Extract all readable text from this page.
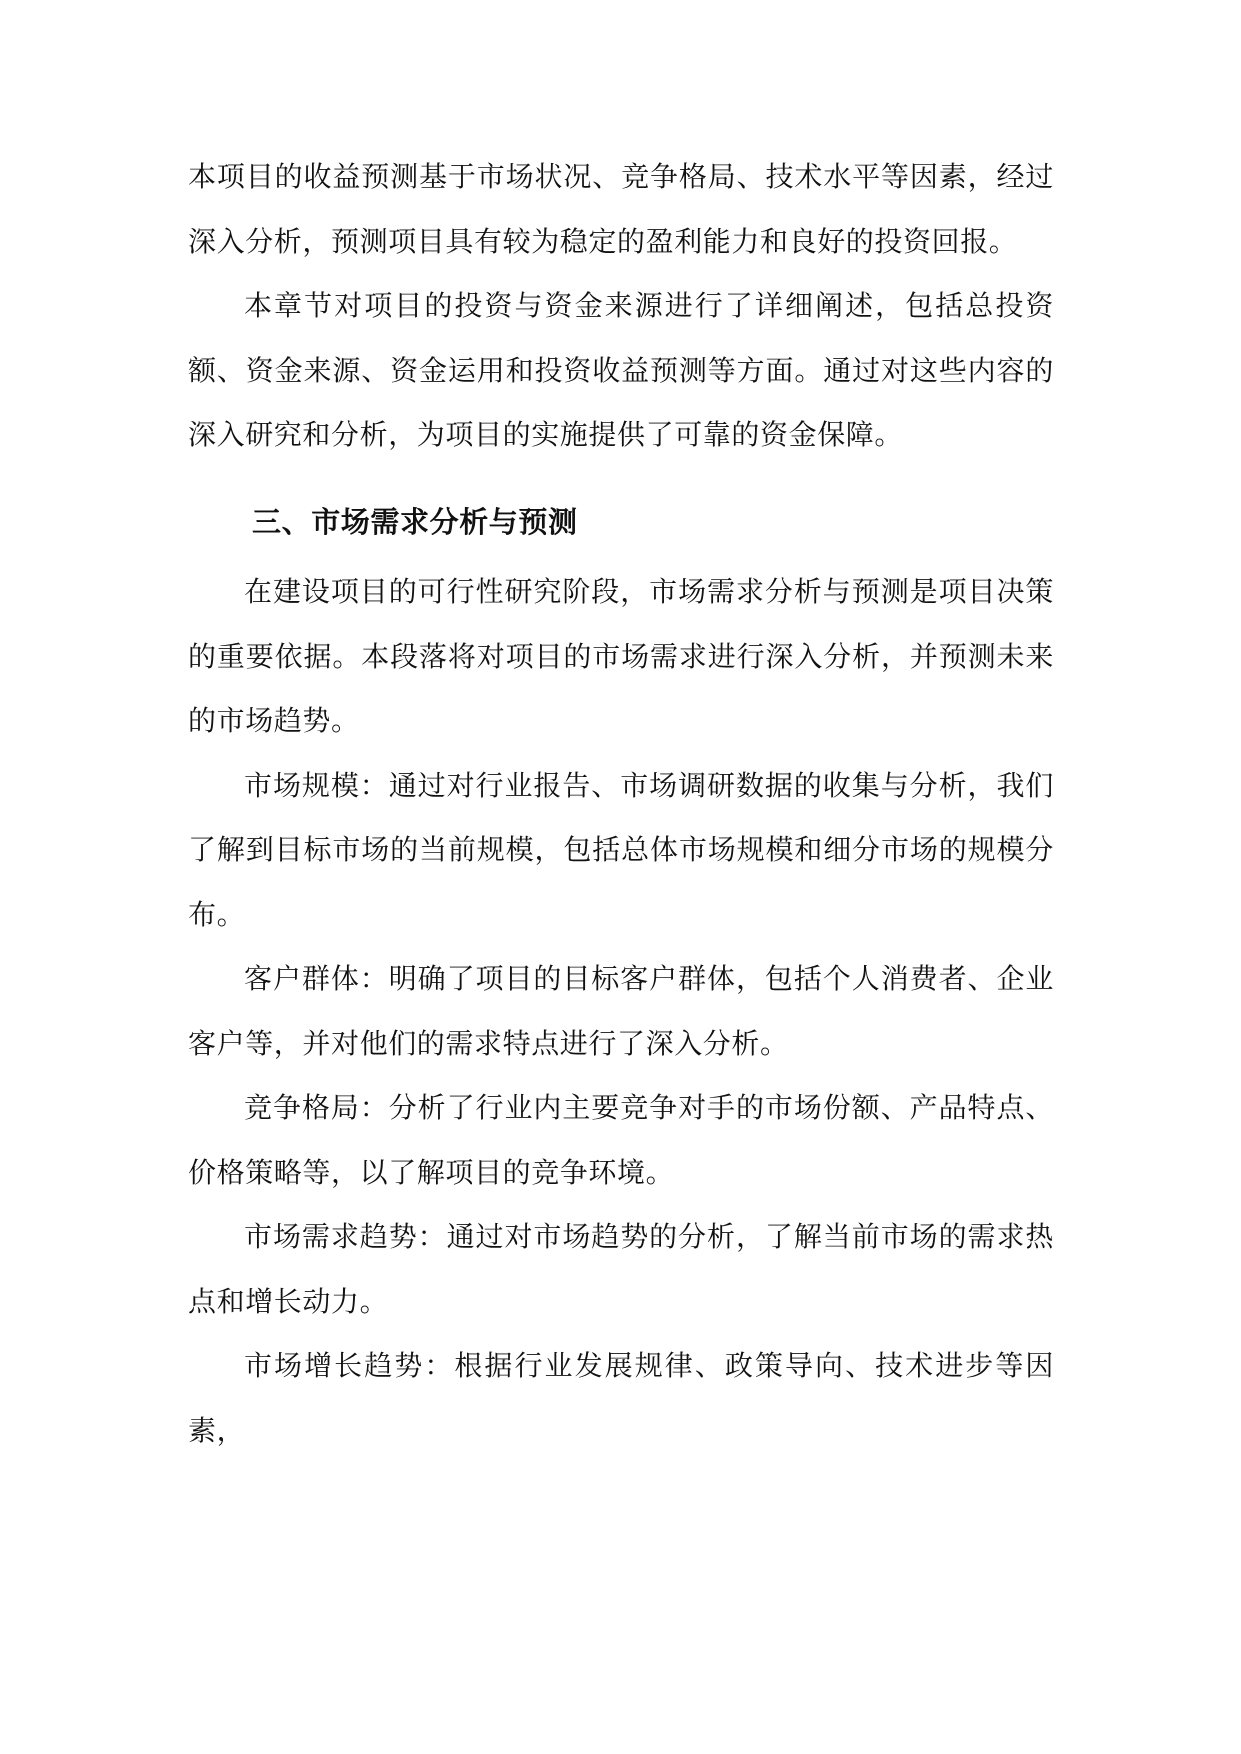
本项目的收益预测基于市场状况、竞争格局、技术水平等因素，经过深入分析，预测项目具有较为稳定的盈利能力和良好的投资回报。

本章节对项目的投资与资金来源进行了详细阐述，包括总投资额、资金来源、资金运用和投资收益预测等方面。通过对这些内容的深入研究和分析，为项目的实施提供了可靠的资金保障。

三、市场需求分析与预测

在建设项目的可行性研究阶段，市场需求分析与预测是项目决策的重要依据。本段落将对项目的市场需求进行深入分析，并预测未来的市场趋势。

市场规模：通过对行业报告、市场调研数据的收集与分析，我们了解到目标市场的当前规模，包括总体市场规模和细分市场的规模分布。

客户群体：明确了项目的目标客户群体，包括个人消费者、企业客户等，并对他们的需求特点进行了深入分析。

竞争格局：分析了行业内主要竞争对手的市场份额、产品特点、价格策略等，以了解项目的竞争环境。

市场需求趋势：通过对市场趋势的分析，了解当前市场的需求热点和增长动力。

市场增长趋势：根据行业发展规律、政策导向、技术进步等因素，
